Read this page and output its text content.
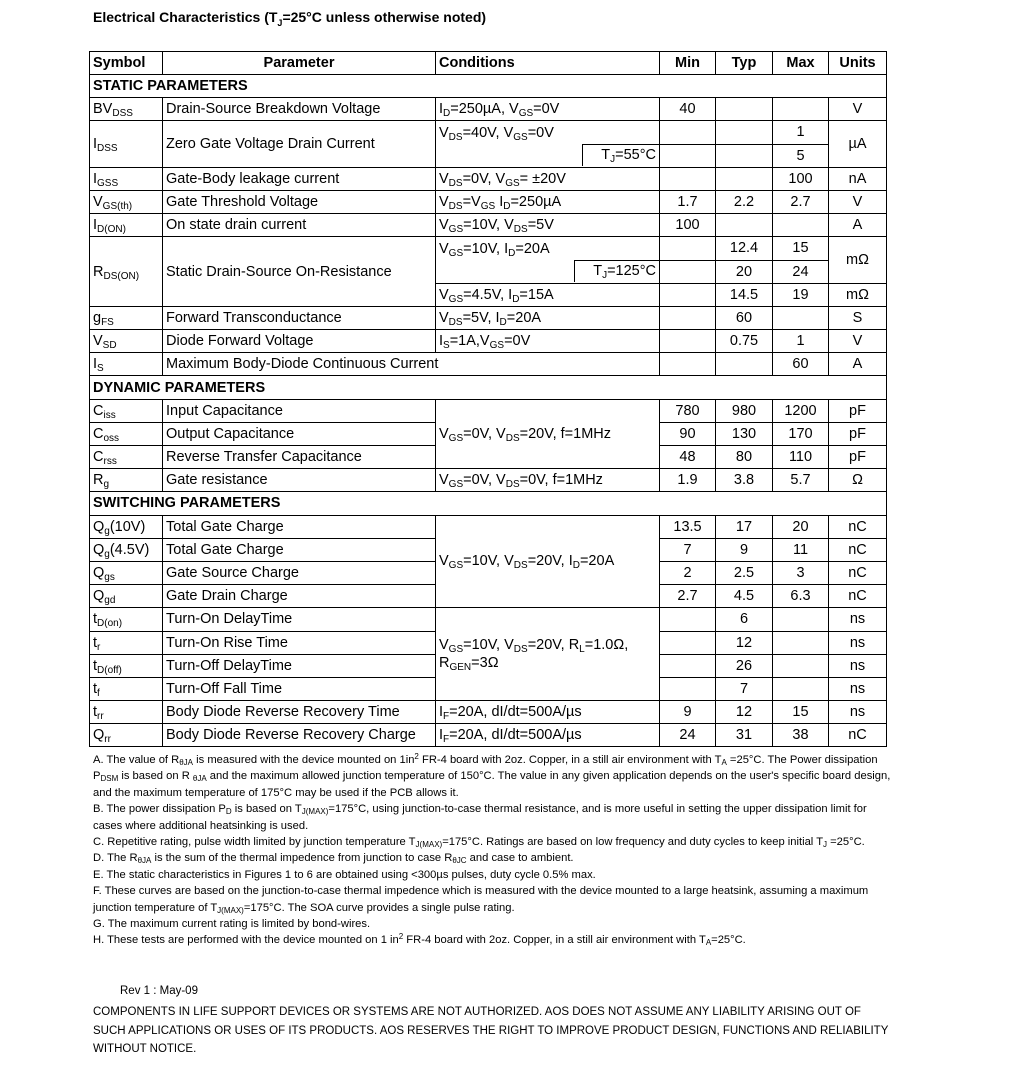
Electrical Characteristics ($T_J=25^\circ C$ unless otherwise noted)
Symbol	Parameter	Conditions	Min	Typ	Max	Units
STATIC PARAMETERS						
$BV_{DSS}$	Drain-Source Breakdown Voltage	$I_D=250\mu A$, $V_{GS}=0V$	40			V
$I_{DSS}$	Zero Gate Voltage Drain Current	$V_{DS}=40V$, $V_{GS}=0V$			1	µA

		$T_J=55^\circ C$			5	
$I_{GSS}$	Gate-Body leakage current	$V_{DS}=0V$, $V_{GS}= \pm 20V$			100	nA
$V_{GS(th)}$	Gate Threshold Voltage	$V_{DS}=V_{GS}$ $I_D=250\mu A$	1.7	2.2	2.7	V
$I_{D(ON)}$	On state drain current	$V_{GS}=10V$, $V_{DS}=5V$	100			A
$R_{DS(ON)}$	Static Drain-Source On-Resistance	$V_{GS}=10V$, $I_D=20A$		12.4	15	mΩ

		$T_J=125^\circ C$		20	24	
		$V_{GS}=4.5V$, $I_D=15A$		14.5	19	mΩ
$g_{FS}$	Forward Transconductance	$V_{DS}=5V$, $I_D=20A$		60		S
$V_{SD}$	Diode Forward Voltage	$I_S=1A,V_{GS}=0V$		0.75	1	V
$I_S$	Maximum Body-Diode Continuous Current				60	A
DYNAMIC PARAMETERS						
$C_{iss}$	Input Capacitance	$V_{GS}=0V$, $V_{DS}=20V$, f=1MHz	780	980	1200	pF
$C_{oss}$	Output Capacitance		90	130	170	pF
$C_{rss}$	Reverse Transfer Capacitance		48	80	110	pF
$R_g$	Gate resistance	$V_{GS}=0V$, $V_{DS}=0V$, f=1MHz	1.9	3.8	5.7	Ω
SWITCHING PARAMETERS						
$Q_g(10V)$	Total Gate Charge	$V_{GS}=10V$, $V_{DS}=20V$, $I_D=20A$	13.5	17	20	nC
$Q_g(4.5V)$	Total Gate Charge		7	9	11	nC
$Q_{gs}$	Gate Source Charge		2	2.5	3	nC
$Q_{gd}$	Gate Drain Charge		2.7	4.5	6.3	nC
$t_{D(on)}$	Turn-On DelayTime	$V_{GS}=10V$, $V_{DS}=20V$, $R_L=1.0\Omega$,
$R_{GEN}=3\Omega$		6		ns
$t_r$	Turn-On Rise Time			12		ns
$t_{D(off)}$	Turn-Off DelayTime			26		ns
$t_f$	Turn-Off Fall Time			7		ns
$t_{rr}$	Body Diode Reverse Recovery Time	$I_F=20A$, dI/dt=500A/µs	9	12	15	ns
$Q_{rr}$	Body Diode Reverse Recovery Charge	$I_F=20A$, dI/dt=500A/µs	24	31	38	nC

A. The value of $R_{\theta JA}$ is measured with the device mounted on $1in^2$ FR-4 board with 2oz. Copper, in a still air environment with $T_A =25^\circ C$. The Power dissipation $P_{DSM}$ is based on R $_{\theta JA}$ and the maximum allowed junction temperature of 150°C. The value in any given application depends on the user's specific board design, and the maximum temperature of 175°C may be used if the PCB allows it.

B. The power dissipation $P_D$ is based on $T_{J(MAX)}=175^\circ C$, using junction-to-case thermal resistance, and is more useful in setting the upper dissipation limit for cases where additional heatsinking is used.

C. Repetitive rating, pulse width limited by junction temperature $T_{J(MAX)}=175^\circ C$. Ratings are based on low frequency and duty cycles to keep initial $T_J =25^\circ C$.

D. The $R_{\theta JA}$ is the sum of the thermal impedence from junction to case $R_{\theta JC}$ and case to ambient.

E. The static characteristics in Figures 1 to 6 are obtained using <300µs pulses, duty cycle 0.5% max.

F. These curves are based on the junction-to-case thermal impedence which is measured with the device mounted to a large heatsink, assuming a maximum junction temperature of $T_{J(MAX)}=175^\circ C$. The SOA curve provides a single pulse rating.

G. The maximum current rating is limited by bond-wires.

H. These tests are performed with the device mounted on 1 $in^2$ FR-4 board with 2oz. Copper, in a still air environment with $T_A=25^\circ C$.

Rev 1 : May-09
COMPONENTS IN LIFE SUPPORT DEVICES OR SYSTEMS ARE NOT AUTHORIZED. AOS DOES NOT ASSUME ANY LIABILITY ARISING OUT OF SUCH APPLICATIONS OR USES OF ITS PRODUCTS. AOS RESERVES THE RIGHT TO IMPROVE PRODUCT DESIGN, FUNCTIONS AND RELIABILITY WITHOUT NOTICE.
